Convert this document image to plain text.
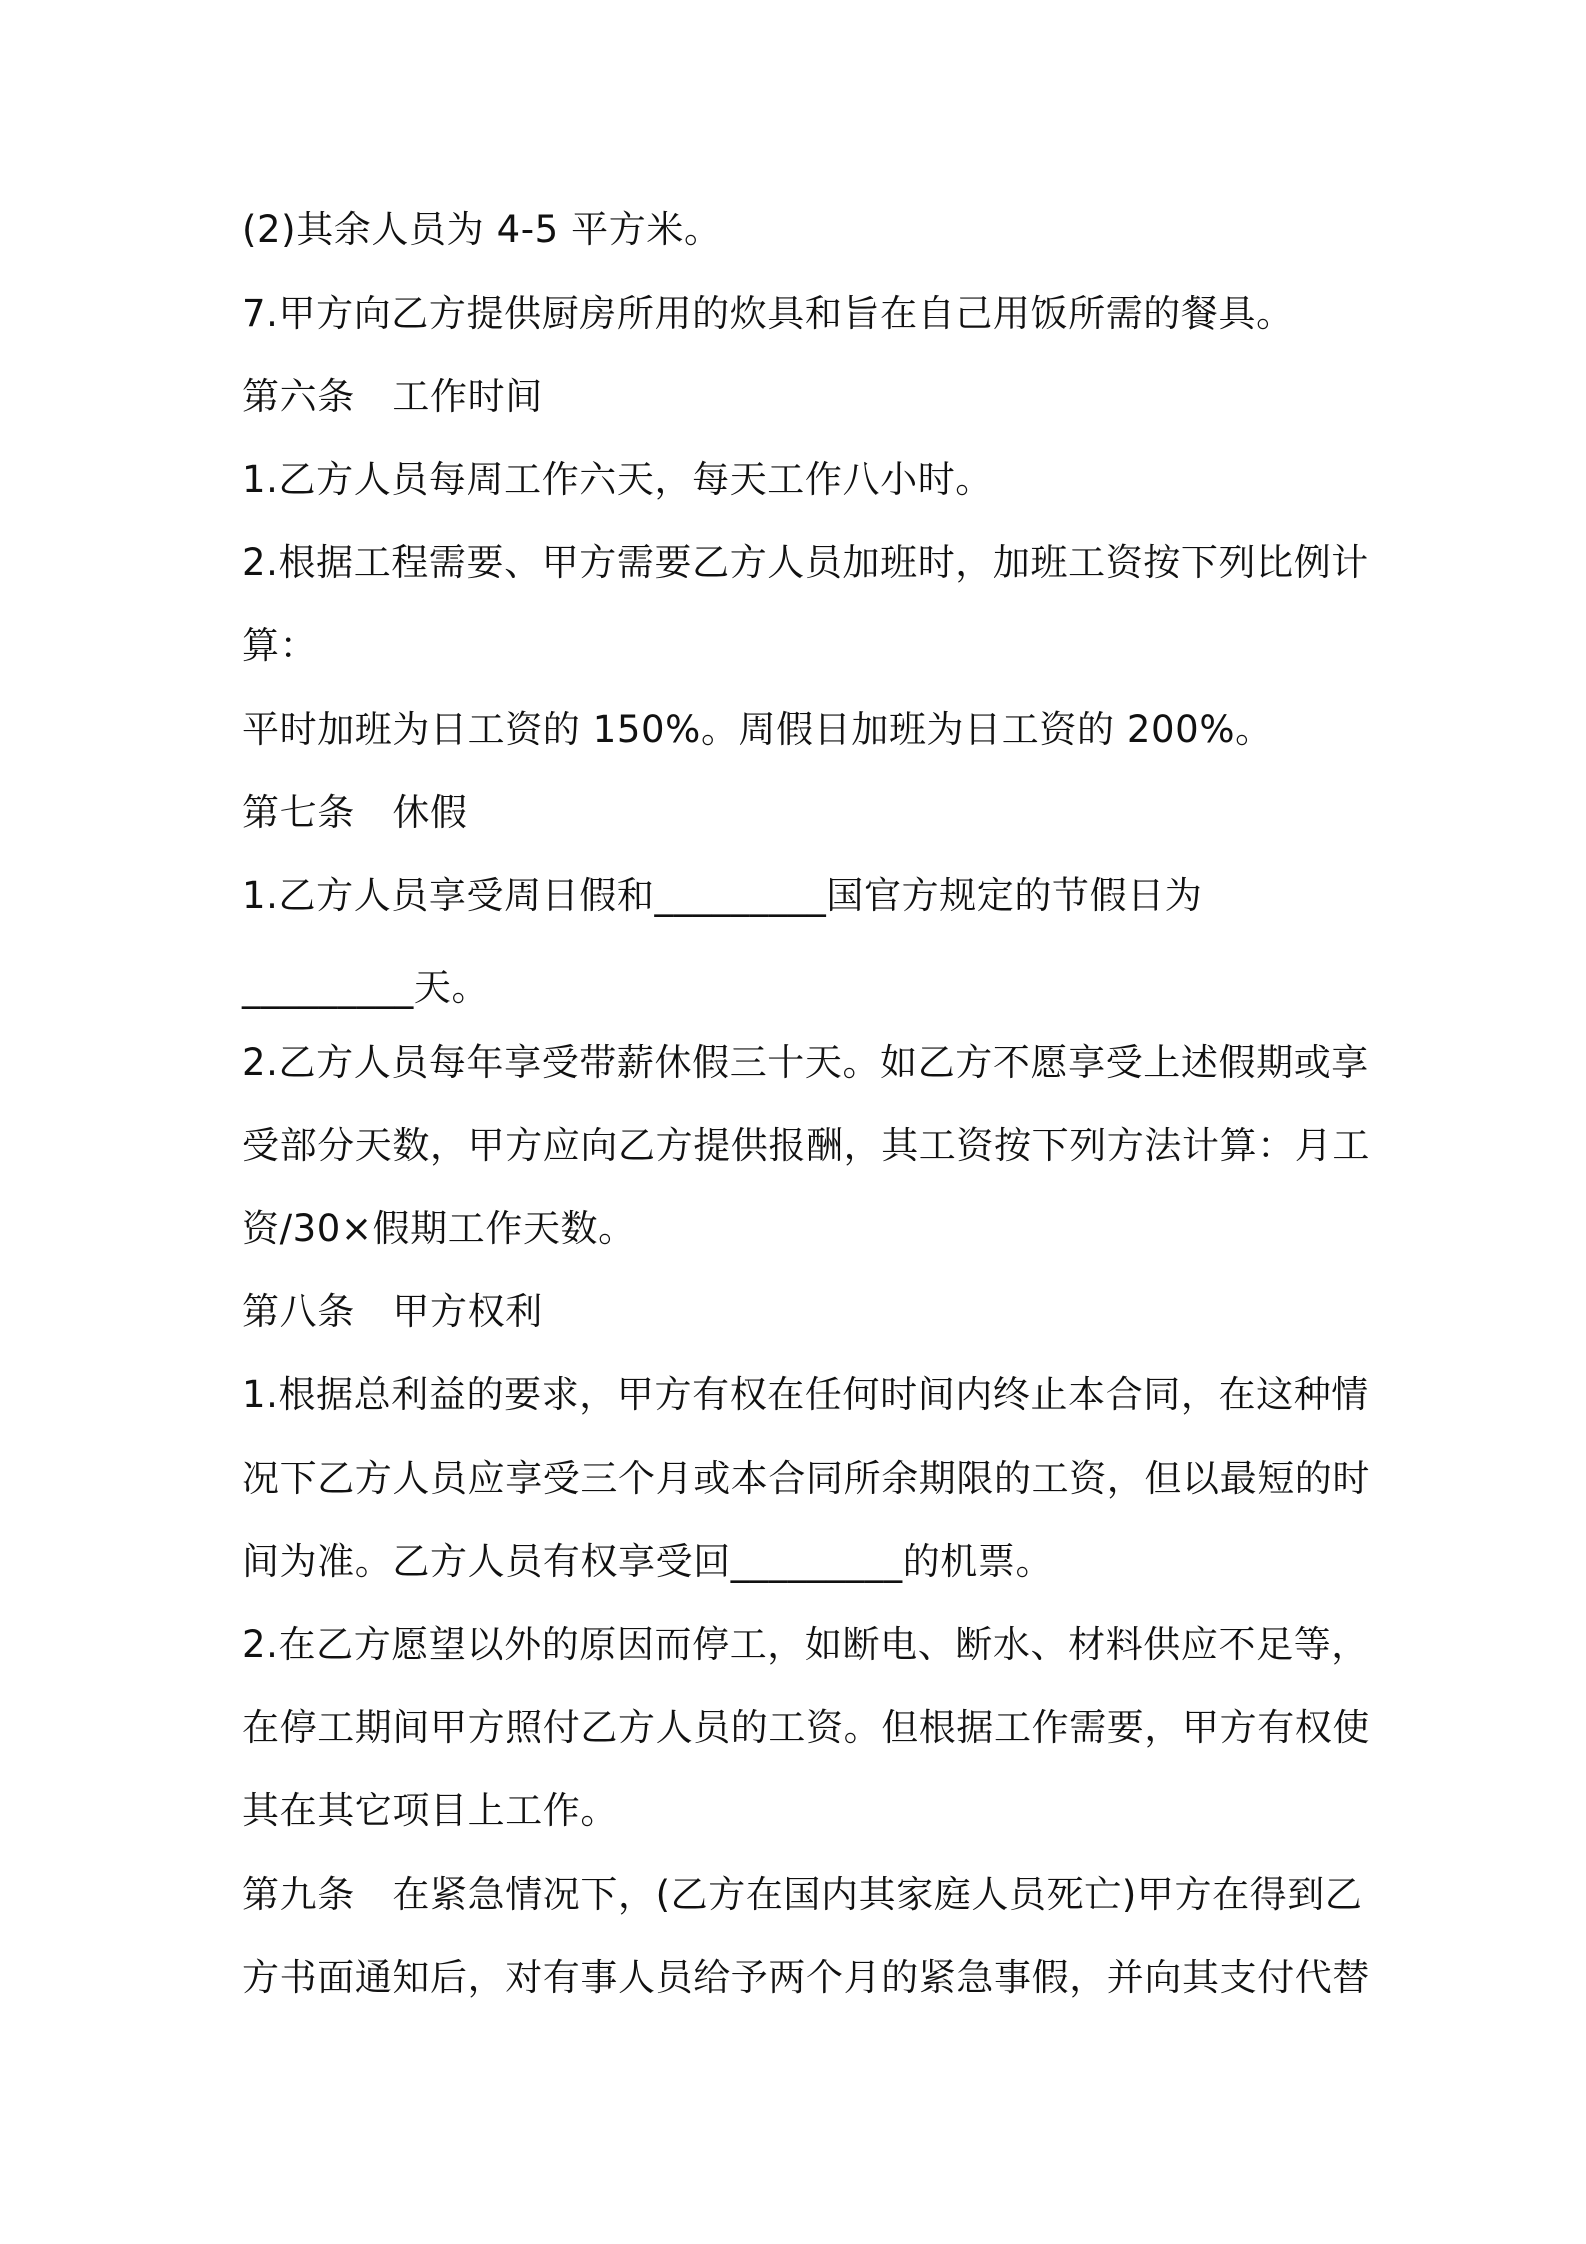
(2)其余人员为 4-5 平方米。

7.甲方向乙方提供厨房所用的炊具和旨在自己用饭所需的餐具。

第六条　工作时间

1.乙方人员每周工作六天，每天工作八小时。

2.根据工程需要、甲方需要乙方人员加班时，加班工资按下列比例计

算：

平时加班为日工资的 150%。周假日加班为日工资的 200%。

第七条　休假

1.乙方人员享受周日假和_________国官方规定的节假日为

_________天。

2.乙方人员每年享受带薪休假三十天。如乙方不愿享受上述假期或享

受部分天数，甲方应向乙方提供报酬，其工资按下列方法计算：月工

资/30×假期工作天数。

第八条　甲方权利

1.根据总利益的要求，甲方有权在任何时间内终止本合同，在这种情

况下乙方人员应享受三个月或本合同所余期限的工资，但以最短的时

间为准。乙方人员有权享受回_________的机票。

2.在乙方愿望以外的原因而停工，如断电、断水、材料供应不足等，

在停工期间甲方照付乙方人员的工资。但根据工作需要，甲方有权使

其在其它项目上工作。

第九条　在紧急情况下，(乙方在国内其家庭人员死亡)甲方在得到乙

方书面通知后，对有事人员给予两个月的紧急事假，并向其支付代替
